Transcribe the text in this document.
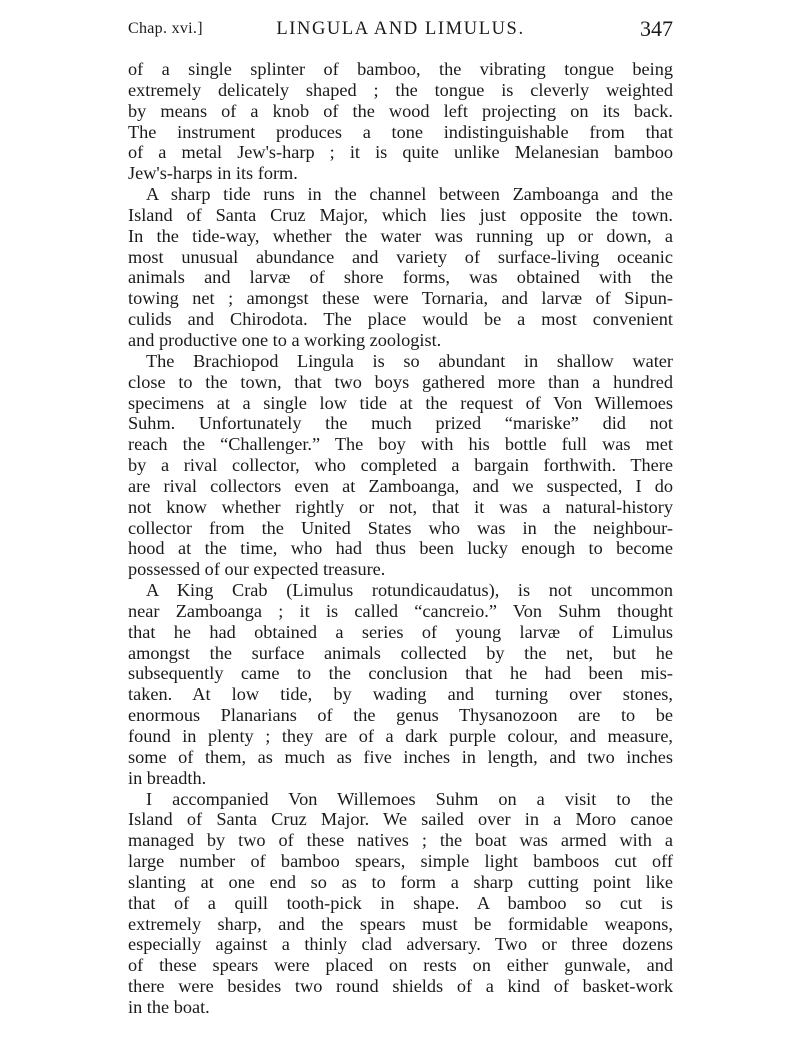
Chap. xvi.]	LINGULA AND LIMULUS.	347
of a single splinter of bamboo, the vibrating tongue being
extremely delicately shaped ; the tongue is cleverly weighted
by means of a knob of the wood left projecting on its back.
The instrument produces a tone indistinguishable from that
of a metal Jew's-harp ; it is quite unlike Melanesian bamboo
Jew's-harps in its form.
A sharp tide runs in the channel between Zamboanga and the
Island of Santa Cruz Major, which lies just opposite the town.
In the tide-way, whether the water was running up or down, a
most unusual abundance and variety of surface-living oceanic
animals and larvæ of shore forms, was obtained with the
towing net ; amongst these were Tornaria, and larvæ of Sipun-
culids and Chirodota. The place would be a most convenient
and productive one to a working zoologist.
The Brachiopod Lingula is so abundant in shallow water
close to the town, that two boys gathered more than a hundred
specimens at a single low tide at the request of Von Willemoes
Suhm. Unfortunately the much prized “mariske” did not
reach the “Challenger.” The boy with his bottle full was met
by a rival collector, who completed a bargain forthwith. There
are rival collectors even at Zamboanga, and we suspected, I do
not know whether rightly or not, that it was a natural-history
collector from the United States who was in the neighbour-
hood at the time, who had thus been lucky enough to become
possessed of our expected treasure.
A King Crab (Limulus rotundicaudatus), is not uncommon
near Zamboanga ; it is called “cancreio.” Von Suhm thought
that he had obtained a series of young larvæ of Limulus
amongst the surface animals collected by the net, but he
subsequently came to the conclusion that he had been mis-
taken. At low tide, by wading and turning over stones,
enormous Planarians of the genus Thysanozoon are to be
found in plenty ; they are of a dark purple colour, and measure,
some of them, as much as five inches in length, and two inches
in breadth.
I accompanied Von Willemoes Suhm on a visit to the
Island of Santa Cruz Major. We sailed over in a Moro canoe
managed by two of these natives ; the boat was armed with a
large number of bamboo spears, simple light bamboos cut off
slanting at one end so as to form a sharp cutting point like
that of a quill tooth-pick in shape. A bamboo so cut is
extremely sharp, and the spears must be formidable weapons,
especially against a thinly clad adversary. Two or three dozens
of these spears were placed on rests on either gunwale, and
there were besides two round shields of a kind of basket-work
in the boat.
